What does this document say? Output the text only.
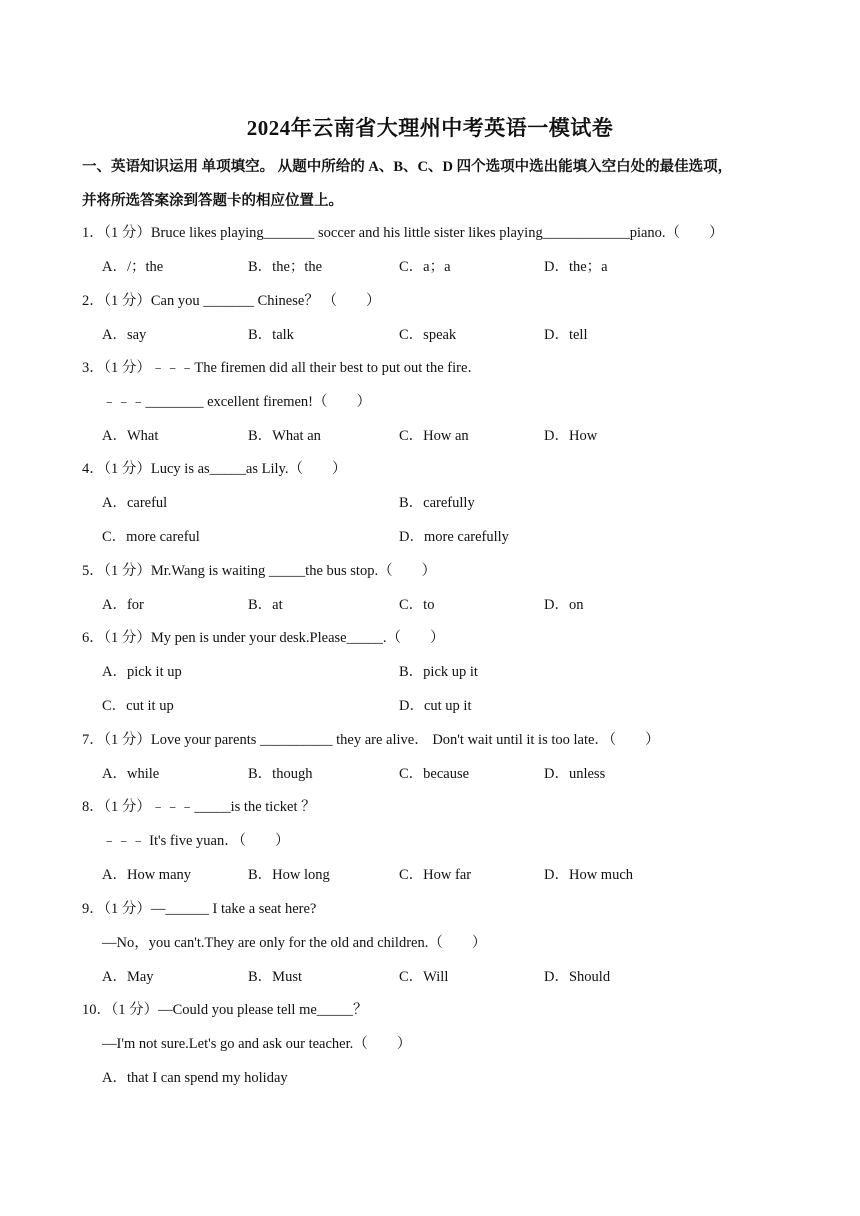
2024年云南省大理州中考英语一模试卷
一、英语知识运用 单项填空。 从题中所给的 A、B、C、D 四个选项中选出能填入空白处的最佳选项，
并将所选答案涂到答题卡的相应位置上。
1．（1 分）Bruce likes playing_______ soccer and his little sister likes playing____________piano.（　　）
A．/；the	B．the；the	C．a；a	D．the；a
2．（1 分）Can you _______ Chinese？ （　　）
A．say	B．talk	C．speak	D．tell
3．（1 分）﹣﹣﹣The firemen did all their best to put out the fire．
﹣﹣﹣________ excellent firemen!（　　）
A．What	B．What an	C．How an	D．How
4．（1 分）Lucy is as_____as Lily.（　　）
A．careful	B．carefully
C．more careful	D．more carefully
5．（1 分）Mr.Wang is waiting _____the bus stop.（　　）
A．for	B．at	C．to	D．on
6．（1 分）My pen is under your desk.Please_____.（　　）
A．pick it up	B．pick up it
C．cut it up	D．cut up it
7．（1 分）Love your parents __________ they are alive． Don't wait until it is too late．（　　）
A．while	B．though	C．because	D．unless
8．（1 分）﹣﹣﹣_____is the ticket ？
﹣﹣﹣ It's five yuan．（　　）
A．How many	B．How long	C．How far	D．How much
9．（1 分）—______ I take a seat here?
—No，you can't.They are only for the old and children.（　　）
A．May	B．Must	C．Will	D．Should
10．（1 分）—Could you please tell me_____？
—I'm not sure.Let's go and ask our teacher.（　　）
A．that I can spend my holiday
